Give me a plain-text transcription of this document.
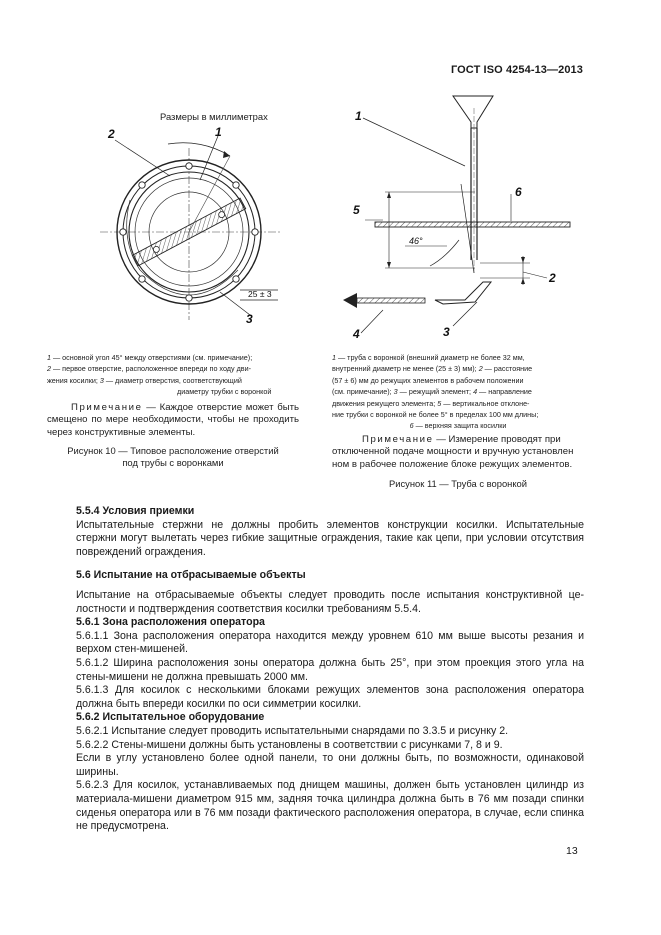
ГОСТ ISO 4254-13—2013
Размеры в миллиметрах
2	1
3
25 ± 3
1 — основной угол 45° между отверстиями (см. примечание);
2 — первое отверстие, расположенное впереди по ходу дви-
жения косилки; 3 — диаметр отверстия, соответствующий
диаметру трубки с воронкой
Примечание — Каждое отверстие может быть смещено по мере необходимости, чтобы не проходить через конструктивные элементы.
Рисунок 10 — Типовое расположение отверстий
под трубы с воронками
1
5
6
46°
2
3
4
1 — труба с воронкой (внешний диаметр не более 32 мм,
внутренний диаметр не менее (25 ± 3) мм); 2 — расстояние
(57 ± 6) мм до режущих элементов в рабочем положении
(см. примечание); 3 — режущий элемент; 4 — направление
движения режущего элемента; 5 — вертикальное отклоне-
ние трубки с воронкой не более 5° в пределах 100 мм длины;
6 — верхняя защита косилки
Примечание — Измерение проводят при
отключенной подаче мощности и вручную установлен
ном в рабочее положение блоке режущих элементов.
Рисунок 11 — Труба с воронкой
5.5.4 Условия приемки

Испытательные стержни не должны пробить элементов конструкции косилки. Испытательные стержни могут вылетать через гибкие защитные ограждения, такие как цепи, при условии отсутствия повреждений ограждения.

5.6 Испытание на отбрасываемые объекты

Испытание на отбрасываемые объекты следует проводить после испытания конструктивной целостности и подтверждения соответствия косилки требованиям 5.5.4.

5.6.1 Зона расположения оператора

5.6.1.1 Зона расположения оператора находится между уровнем 610 мм выше высоты резания и верхом стен-мишеней.

5.6.1.2 Ширина расположения зоны оператора должна быть 25°, при этом проекция этого угла на стены-мишени не должна превышать 2000 мм.

5.6.1.3 Для косилок с несколькими блоками режущих элементов зона расположения оператора должна быть впереди косилки по оси симметрии косилки.

5.6.2 Испытательное оборудование

5.6.2.1 Испытание следует проводить испытательными снарядами по 3.3.5 и рисунку 2.

5.6.2.2 Стены-мишени должны быть установлены в соответствии с рисунками 7, 8 и 9.

Если в углу установлено более одной панели, то они должны быть, по возможности, одинаковой ширины.

5.6.2.3 Для косилок, устанавливаемых под днищем машины, должен быть установлен цилиндр из материала-мишени диаметром 915 мм, задняя точка цилиндра должна быть в 76 мм позади спинки сиденья оператора или в 76 мм позади фактического расположения оператора, в случае, если спинка не предусмотрена.

13
